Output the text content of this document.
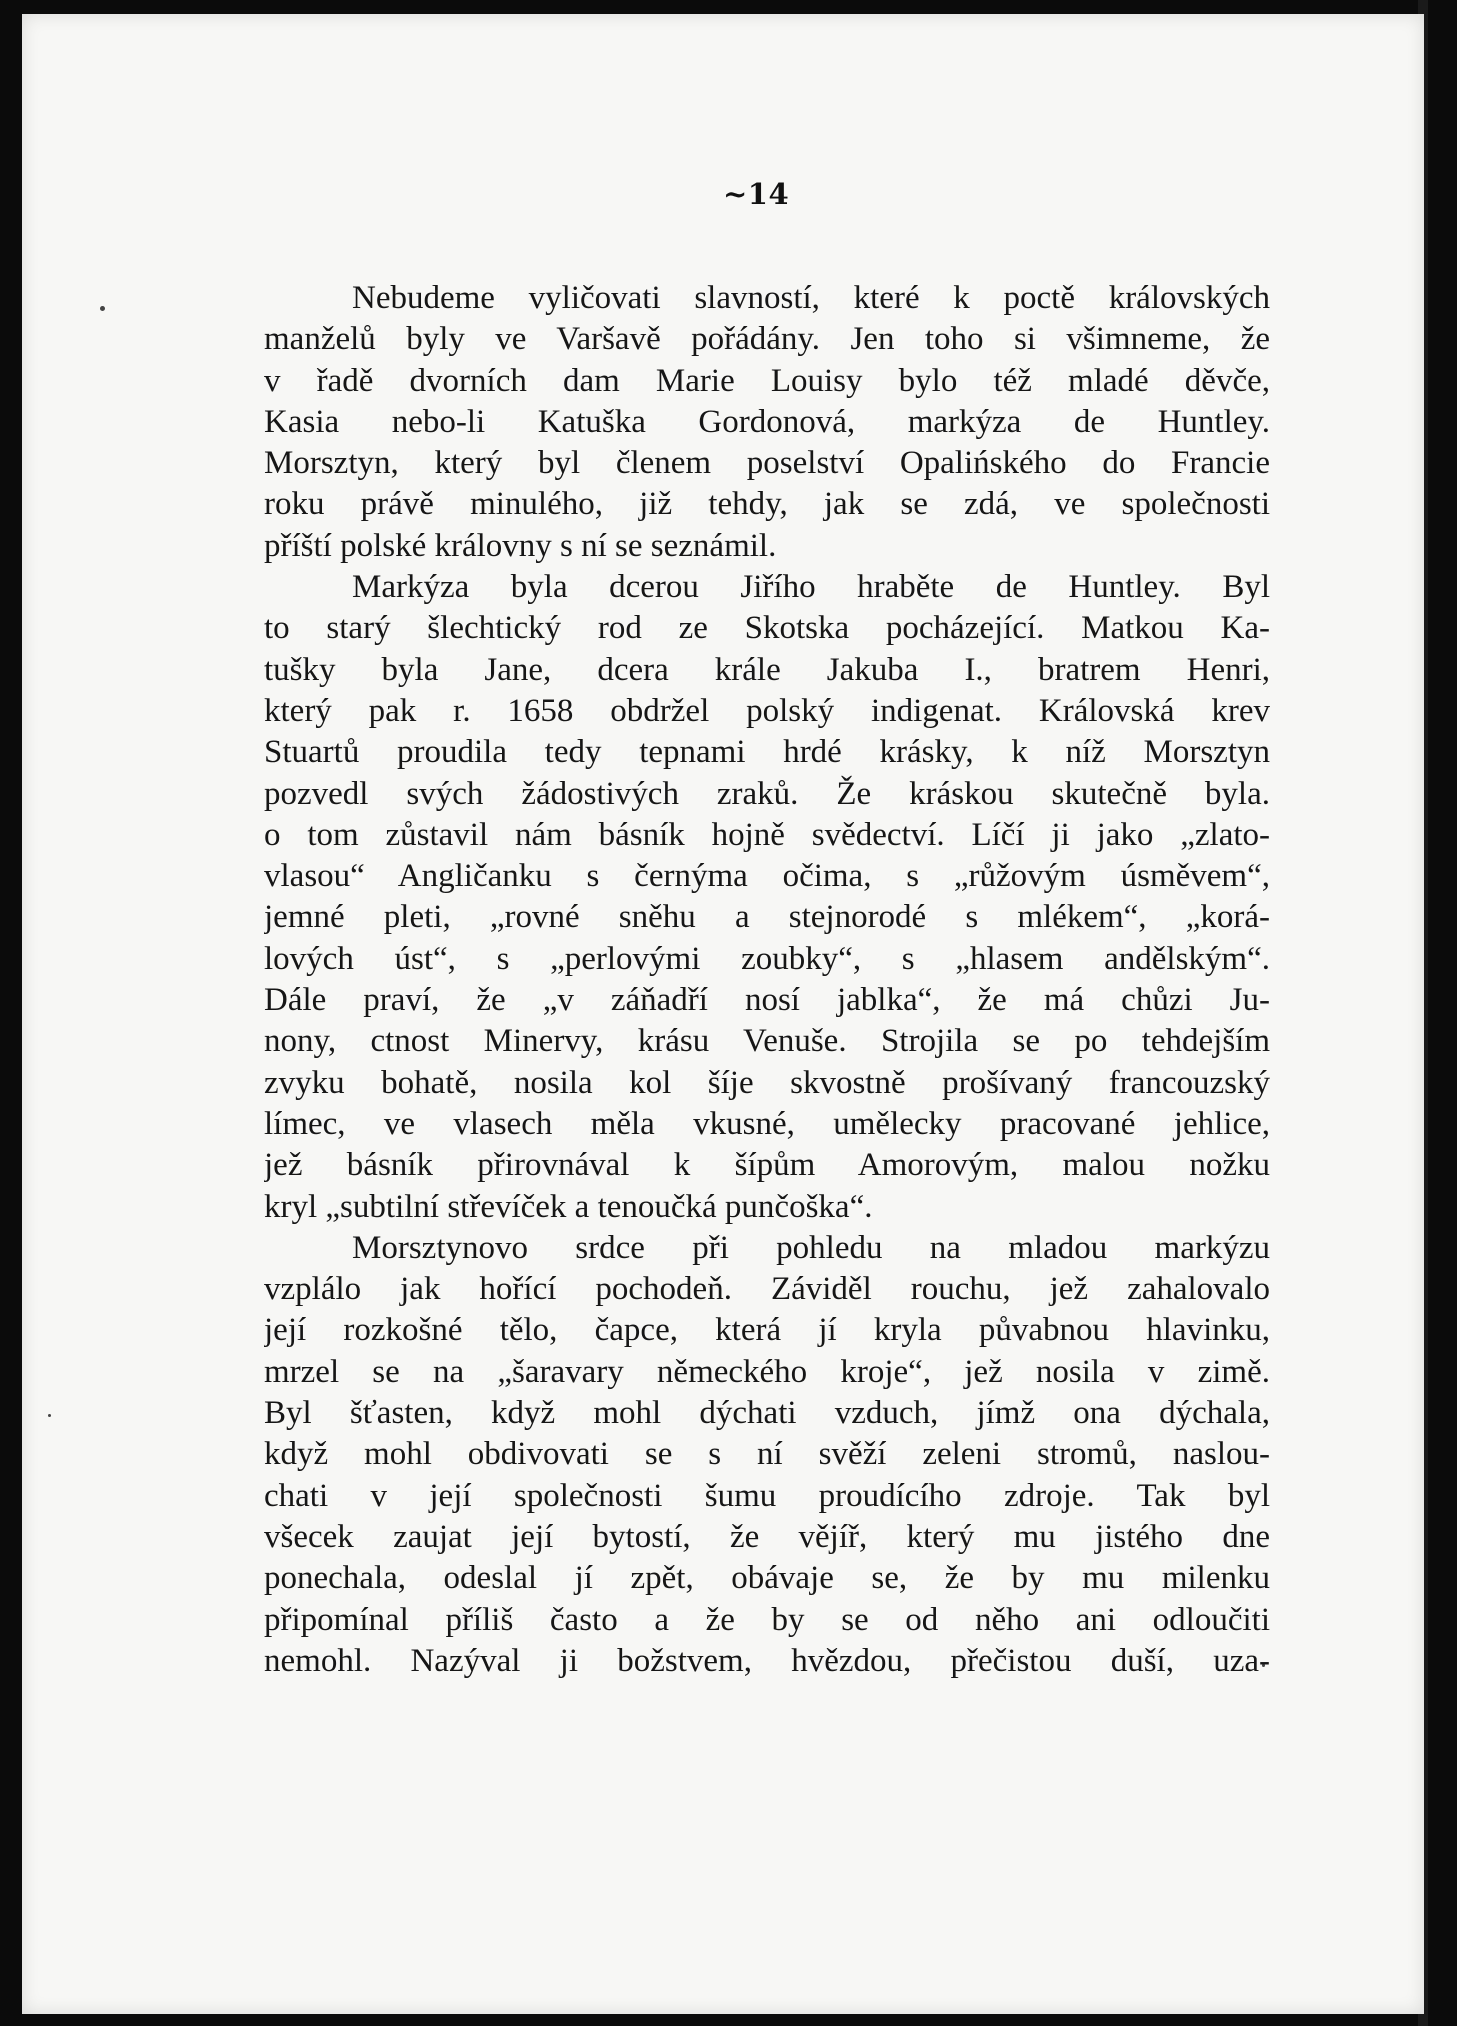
~14
Nebudeme vyličovati slavností, které k poctě královských
manželů byly ve Varšavě pořádány. Jen toho si všimneme, že
v řadě dvorních dam Marie Louisy bylo též mladé děvče,
Kasia nebo-li Katuška Gordonová, markýza de Huntley.
Morsztyn, který byl členem poselství Opalińského do Francie
roku právě minulého, již tehdy, jak se zdá, ve společnosti
příští polské královny s ní se seznámil.
Markýza byla dcerou Jiřího hraběte de Huntley. Byl
to starý šlechtický rod ze Skotska pocházející. Matkou Ka-
tušky byla Jane, dcera krále Jakuba I., bratrem Henri,
který pak r. 1658 obdržel polský indigenat. Královská krev
Stuartů proudila tedy tepnami hrdé krásky, k níž Morsztyn
pozvedl svých žádostivých zraků. Že kráskou skutečně byla.
o tom zůstavil nám básník hojně svědectví. Líčí ji jako „zlato-
vlasou“ Angličanku s černýma očima, s „růžovým úsměvem“,
jemné pleti, „rovné sněhu a stejnorodé s mlékem“, „korá-
lových úst“, s „perlovými zoubky“, s „hlasem andělským“.
Dále praví, že „v záňadří nosí jablka“, že má chůzi Ju-
nony, ctnost Minervy, krásu Venuše. Strojila se po tehdejším
zvyku bohatě, nosila kol šíje skvostně prošívaný francouzský
límec, ve vlasech měla vkusné, umělecky pracované jehlice,
jež básník přirovnával k šípům Amorovým, malou nožku
kryl „subtilní střevíček a tenoučká punčoška“.
Morsztynovo srdce při pohledu na mladou markýzu
vzplálo jak hořící pochodeň. Záviděl rouchu, jež zahalovalo
její rozkošné tělo, čapce, která jí kryla půvabnou hlavinku,
mrzel se na „šaravary německého kroje“, jež nosila v zimě.
Byl šťasten, když mohl dýchati vzduch, jímž ona dýchala,
když mohl obdivovati se s ní svěží zeleni stromů, naslou-
chati v její společnosti šumu proudícího zdroje. Tak byl
všecek zaujat její bytostí, že vějíř, který mu jistého dne
ponechala, odeslal jí zpět, obávaje se, že by mu milenku
připomínal příliš často a že by se od něho ani odloučiti
nemohl. Nazýval ji božstvem, hvězdou, přečistou duší, uza-
